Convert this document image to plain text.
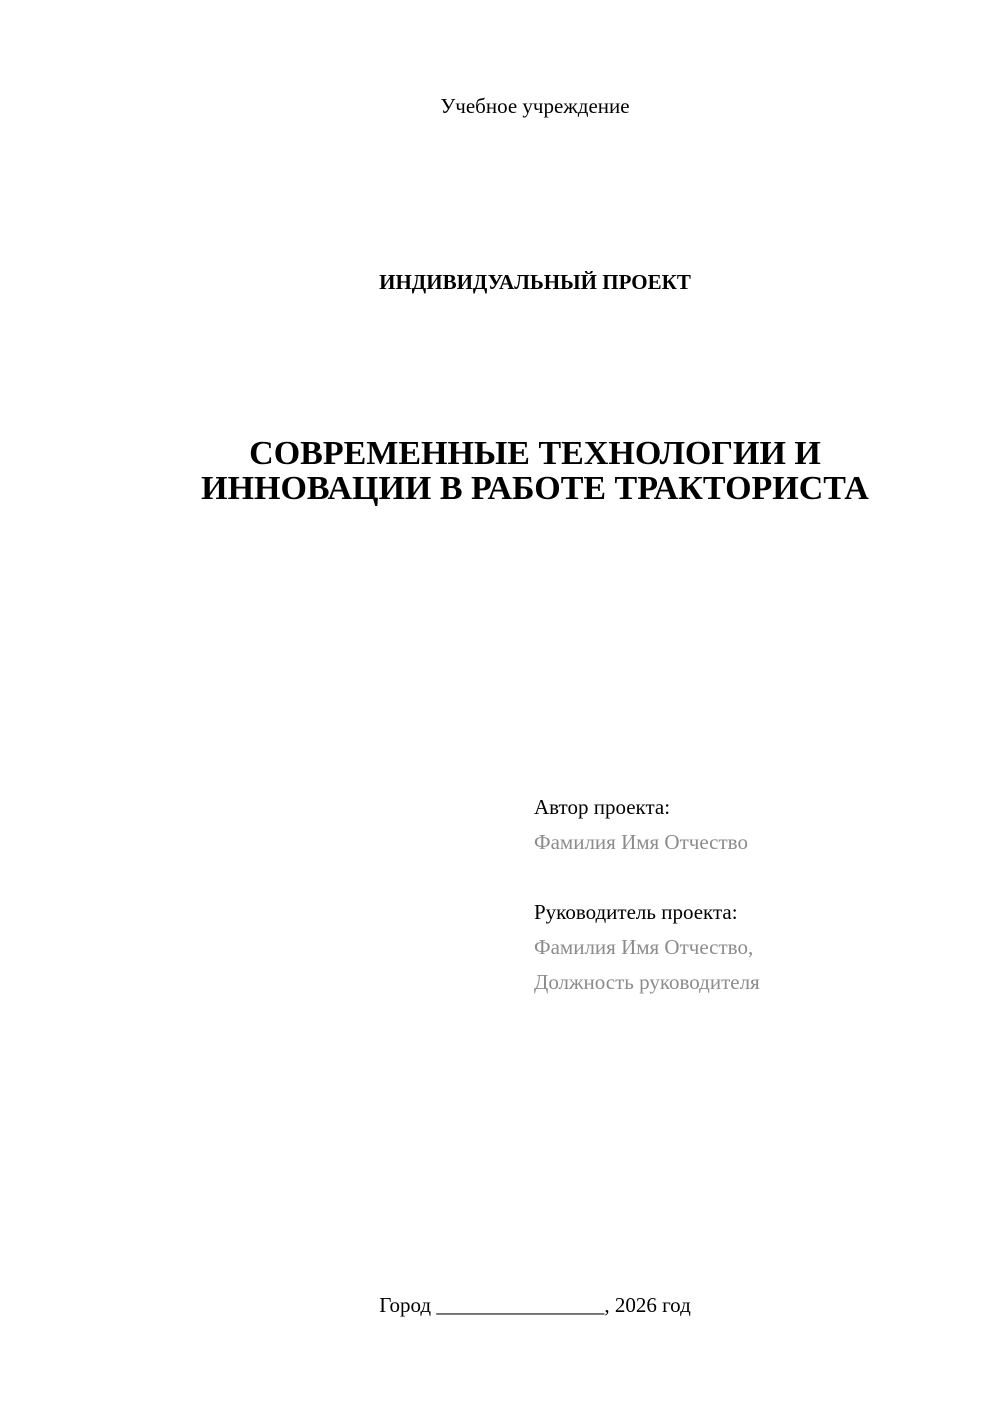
Учебное учреждение
ИНДИВИДУАЛЬНЫЙ ПРОЕКТ
СОВРЕМЕННЫЕ ТЕХНОЛОГИИ И
ИННОВАЦИИ В РАБОТЕ ТРАКТОРИСТА
Автор проекта:
Фамилия Имя Отчество
Руководитель проекта:
Фамилия Имя Отчество,
Должность руководителя
Город ________________, 2026 год
